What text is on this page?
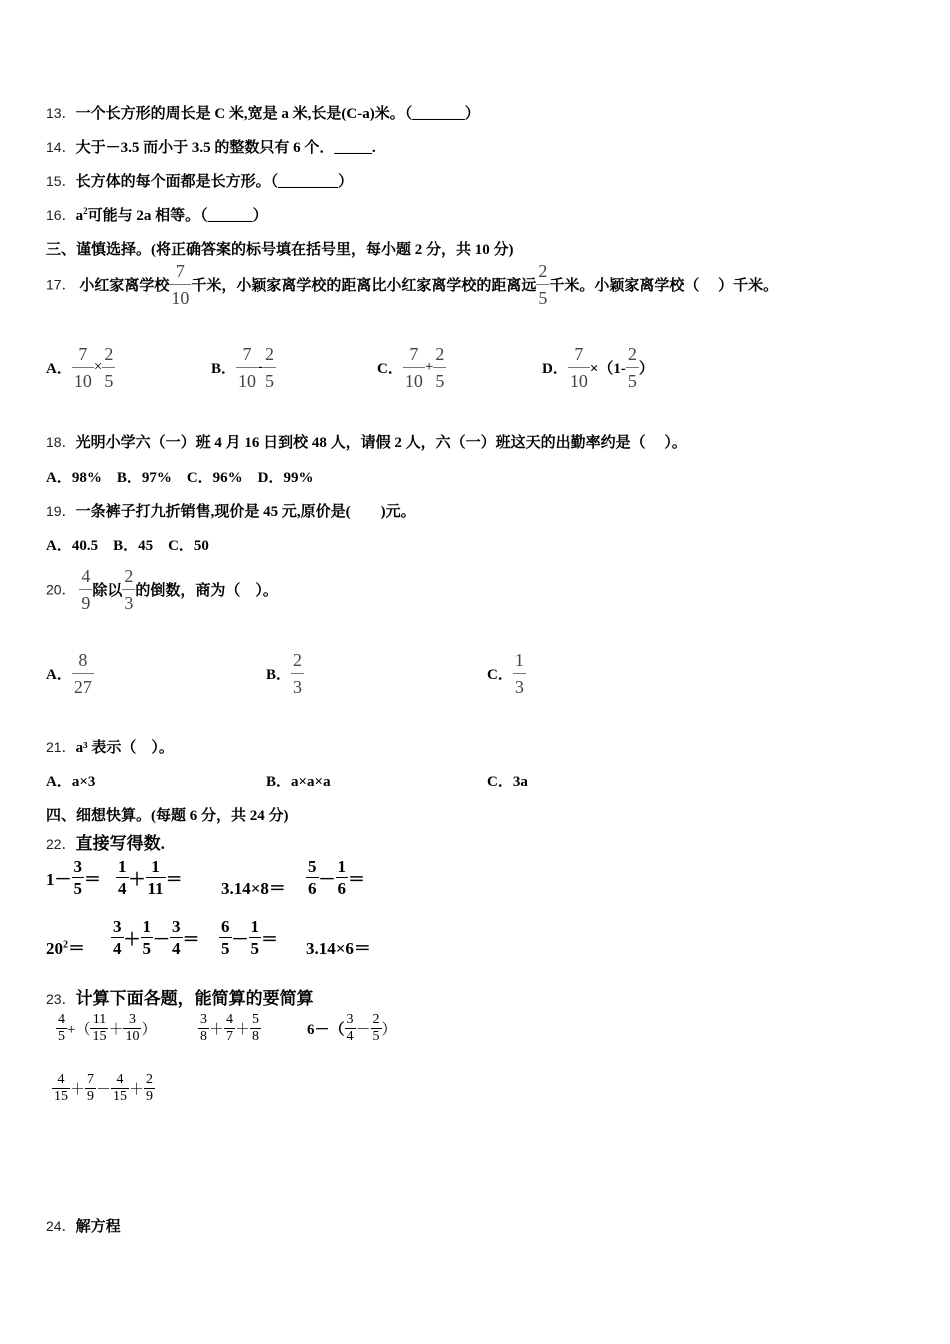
13．一个长方形的周长是 C 米,宽是 a 米,长是(C-a)米。（_______）
14．大于－3.5 而小于 3.5 的整数只有 6 个．_____.
15．长方体的每个面都是长方形。（________）
16．$a^2$可能与 2a 相等。（______）
三、谨慎选择。(将正确答案的标号填在括号里，每小题 2 分，共 10 分)
17． 小红家离学校 $\frac{7}{10}$ 千米，小颖家离学校的距离比小红家离学校的距离远 $\frac{2}{5}$ 千米。小颖家离学校（　 ）千米。
A． $\frac{7}{10} \times \frac{2}{5}$	B． $\frac{7}{10} - \frac{2}{5}$	C． $\frac{7}{10} + \frac{2}{5}$	D． $\frac{7}{10} \times(1- \frac{2}{5}$ ）
18．光明小学六（一）班 4 月 16 日到校 48 人，请假 2 人，六（一）班这天的出勤率约是（　 ）。
A．98%　B．97%　C．96%　D．99%
19．一条裤子打九折销售,现价是 45 元,原价是(　　)元。
A．40.5　B．45　C．50
20． $\frac{4}{9}$ 除以 $\frac{2}{3}$ 的倒数，商为（　）。
A． $\frac{8}{27}$	B． $\frac{2}{3}$	C． $\frac{1}{3}$
21．a³ 表示（　）。
A．a×3	B．a×a×a	C．3a
四、细想快算。(每题 6 分，共 24 分)
22．直接写得数.
$1- \frac{3}{5} = \frac{1}{4} + \frac{1}{11} = 3.14\times 8= \frac{5}{6} - \frac{1}{6}$ ＝
$20^2= \frac{3}{4} + \frac{1}{5} - \frac{3}{4} = \frac{6}{5} - \frac{1}{5} = 3.14\times 6=$
23．计算下面各题，能简算的要简算
$\frac{4}{5}$ +（ $\frac{11}{15} + \frac{3}{10}$ ）	$\frac{3}{8} + \frac{4}{7} + \frac{5}{8}$	$6-( \frac{3}{4} - \frac{2}{5}$ ）
$\frac{4}{15} + \frac{7}{9} - \frac{4}{15} + \frac{2}{9}$
24．解方程
